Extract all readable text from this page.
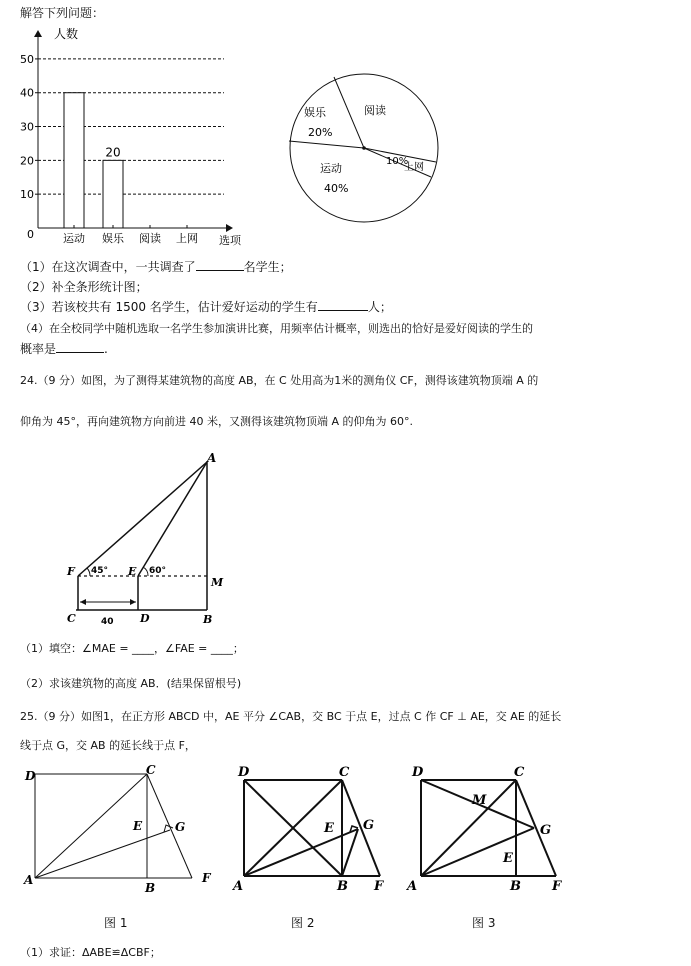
解答下列问题：
0
10
20
30
40
50
运动 娱乐
20
阅读 上网
人数
选项
娱乐
20%
阅读
10%
上网
运动
40%
（1）在这次调查中，一共调查了	名学生；
（2）补全条形统计图；
（3）若该校共有 1500 名学生，估计爱好运动的学生有	人；
（4）在全校同学中随机选取一名学生参加演讲比赛，用频率估计概率，则选出的恰好是爱好阅读的学生的
概率是	.
24.（9 分）如图，为了测得某建筑物的高度 AB，在 C 处用高为1米的测角仪 CF，测得该建筑物顶端 A 的
仰角为 45°，再向建筑物方向前进 40 米，又测得该建筑物顶端 A 的仰角为 60°.
A
F	E
M
C	D	B
45°	60°
40
（1）填空：∠MAE = ____，∠FAE = ____；
（2）求该建筑物的高度 AB．(结果保留根号)
25.（9 分）如图1，在正方形 ABCD 中，AE 平分 ∠CAB，交 BC 于点 E，过点 C 作 CF ⊥ AE，交 AE 的延长
线于点 G，交 AB 的延长线于点 F，
D	C
E	G
A
B
F
D	C
E G
A	B F
D	C
M
G
E
A	B F
图 1	图 2	图 3
（1）求证：ΔABE≌ΔCBF；
